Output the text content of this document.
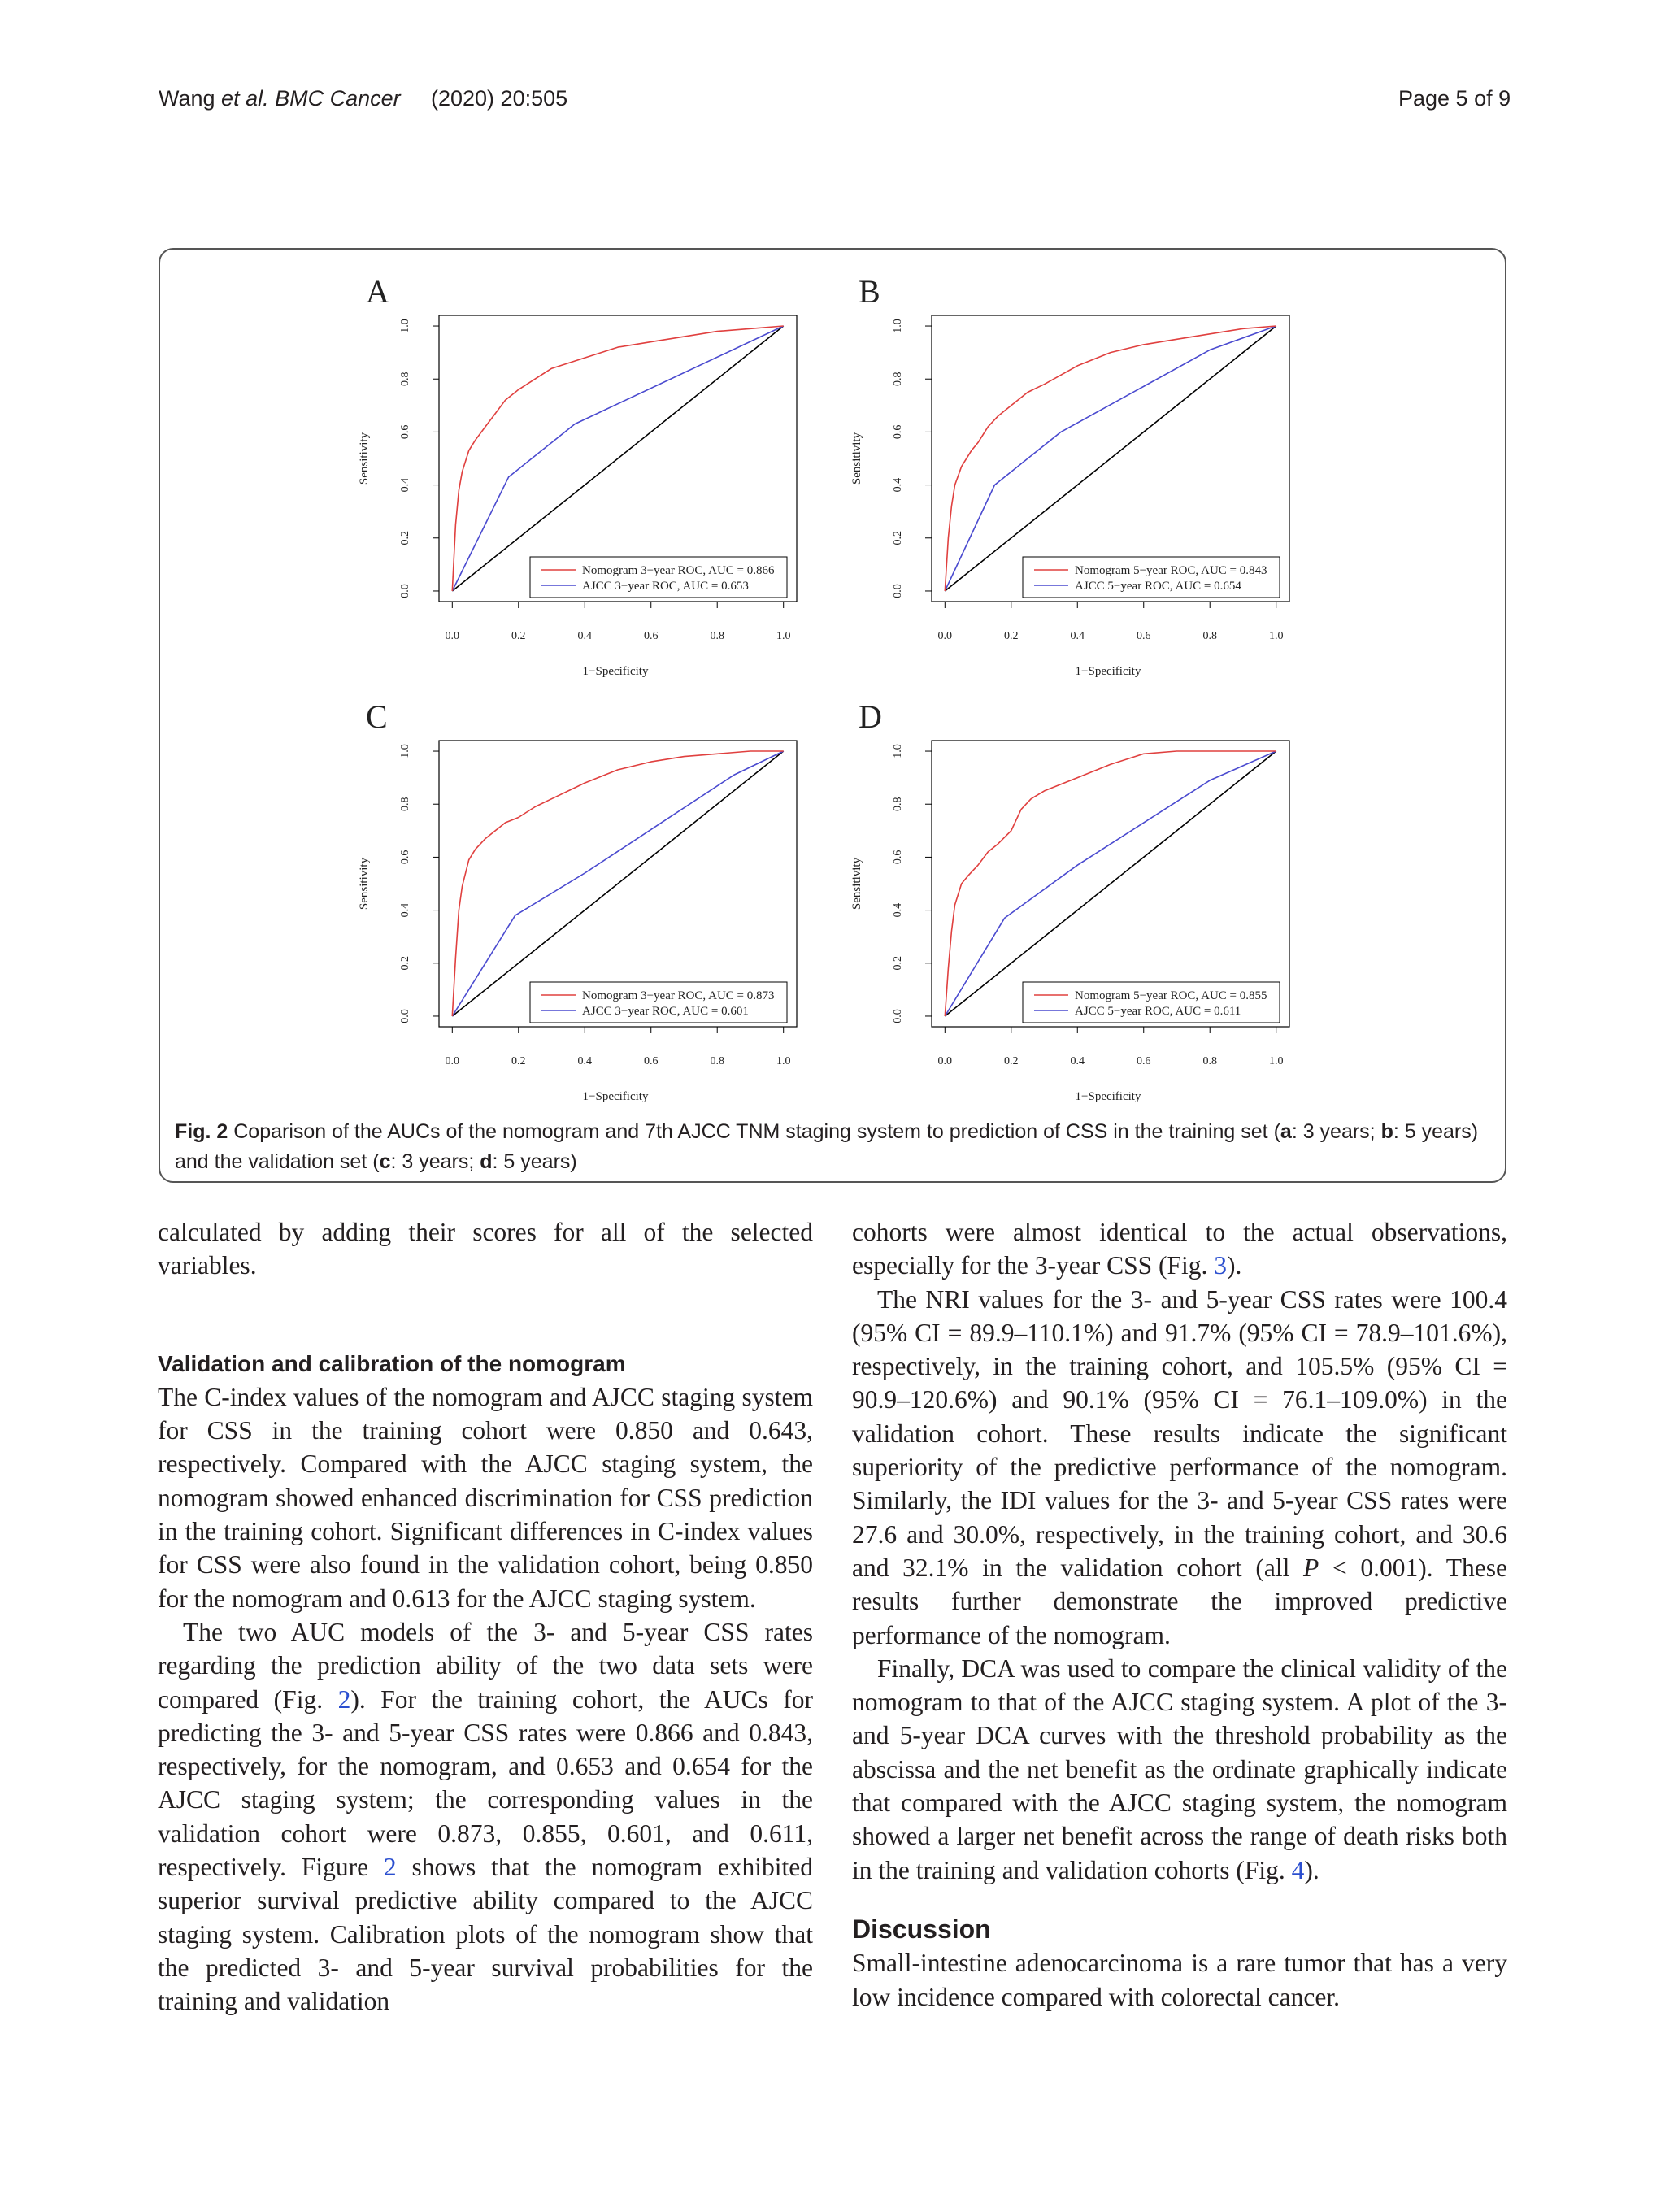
Wang et al. BMC Cancer (2020) 20:505	Page 5 of 9
0.0
0.0
0.2
0.2
0.4
0.4
0.6
0.6
0.8
0.8
1.0
1.0
1−Specificity
Sensitivity
A
Nomogram 3−year ROC, AUC = 0.866
AJCC 3−year ROC, AUC = 0.653
0.0
0.0
0.2
0.2
0.4
0.4
0.6
0.6
0.8
0.8
1.0
1.0
1−Specificity
Sensitivity
B
Nomogram 5−year ROC, AUC = 0.843
AJCC 5−year ROC, AUC = 0.654
0.0
0.0
0.2
0.2
0.4
0.4
0.6
0.6
0.8
0.8
1.0
1.0
1−Specificity
Sensitivity
C
Nomogram 3−year ROC, AUC = 0.873
AJCC 3−year ROC, AUC = 0.601
0.0
0.0
0.2
0.2
0.4
0.4
0.6
0.6
0.8
0.8
1.0
1.0
1−Specificity
Sensitivity
D
Nomogram 5−year ROC, AUC = 0.855
AJCC 5−year ROC, AUC = 0.611
Fig. 2 Coparison of the AUCs of the nomogram and 7th AJCC TNM staging system to prediction of CSS in the training set (a: 3 years; b: 5 years) and the validation set (c: 3 years; d: 5 years)

calculated by adding their scores for all of the selected variables.

Validation and calibration of the nomogram

The C-index values of the nomogram and AJCC staging system for CSS in the training cohort were 0.850 and 0.643, respectively. Compared with the AJCC staging system, the nomogram showed enhanced discrimination for CSS prediction in the training cohort. Significant differences in C-index values for CSS were also found in the validation cohort, being 0.850 for the nomogram and 0.613 for the AJCC staging system.

The two AUC models of the 3- and 5-year CSS rates regarding the prediction ability of the two data sets were compared (Fig. 2). For the training cohort, the AUCs for predicting the 3- and 5-year CSS rates were 0.866 and 0.843, respectively, for the nomogram, and 0.653 and 0.654 for the AJCC staging system; the corresponding values in the validation cohort were 0.873, 0.855, 0.601, and 0.611, respectively. Figure 2 shows that the nomogram exhibited superior survival predictive ability compared to the AJCC staging system. Calibration plots of the nomogram show that the predicted 3- and 5-year survival probabilities for the training and validation

cohorts were almost identical to the actual observations, especially for the 3-year CSS (Fig. 3).

The NRI values for the 3- and 5-year CSS rates were 100.4 (95% CI = 89.9–110.1%) and 91.7% (95% CI = 78.9–101.6%), respectively, in the training cohort, and 105.5% (95% CI = 90.9–120.6%) and 90.1% (95% CI = 76.1–109.0%) in the validation cohort. These results indicate the significant superiority of the predictive performance of the nomogram. Similarly, the IDI values for the 3- and 5-year CSS rates were 27.6 and 30.0%, respectively, in the training cohort, and 30.6 and 32.1% in the validation cohort (all P < 0.001). These results further demonstrate the improved predictive performance of the nomogram.

Finally, DCA was used to compare the clinical validity of the nomogram to that of the AJCC staging system. A plot of the 3- and 5-year DCA curves with the threshold probability as the abscissa and the net benefit as the ordinate graphically indicate that compared with the AJCC staging system, the nomogram showed a larger net benefit across the range of death risks both in the training and validation cohorts (Fig. 4).

Discussion

Small-intestine adenocarcinoma is a rare tumor that has a very low incidence compared with colorectal cancer.
